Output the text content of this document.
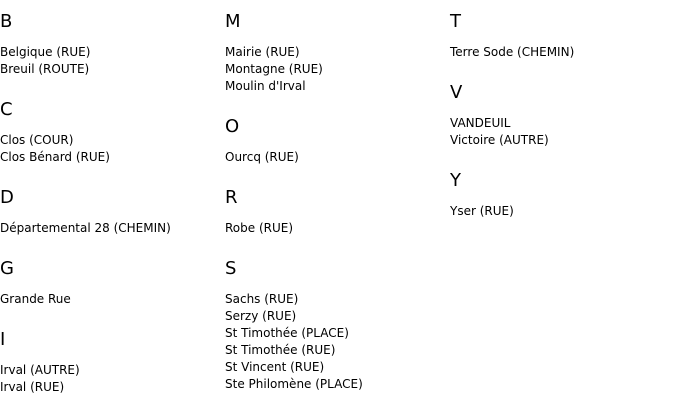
B
Belgique (RUE)
Breuil (ROUTE)
C
Clos (COUR)
Clos Bénard (RUE)
D
Départemental 28 (CHEMIN)
G
Grande Rue
I
Irval (AUTRE)
Irval (RUE)
M
Mairie (RUE)
Montagne (RUE)
Moulin d'Irval
O
Ourcq (RUE)
R
Robe (RUE)
S
Sachs (RUE)
Serzy (RUE)
St Timothée (PLACE)
St Timothée (RUE)
St Vincent (RUE)
Ste Philomène (PLACE)
T
Terre Sode (CHEMIN)
V
VANDEUIL
Victoire (AUTRE)
Y
Yser (RUE)
